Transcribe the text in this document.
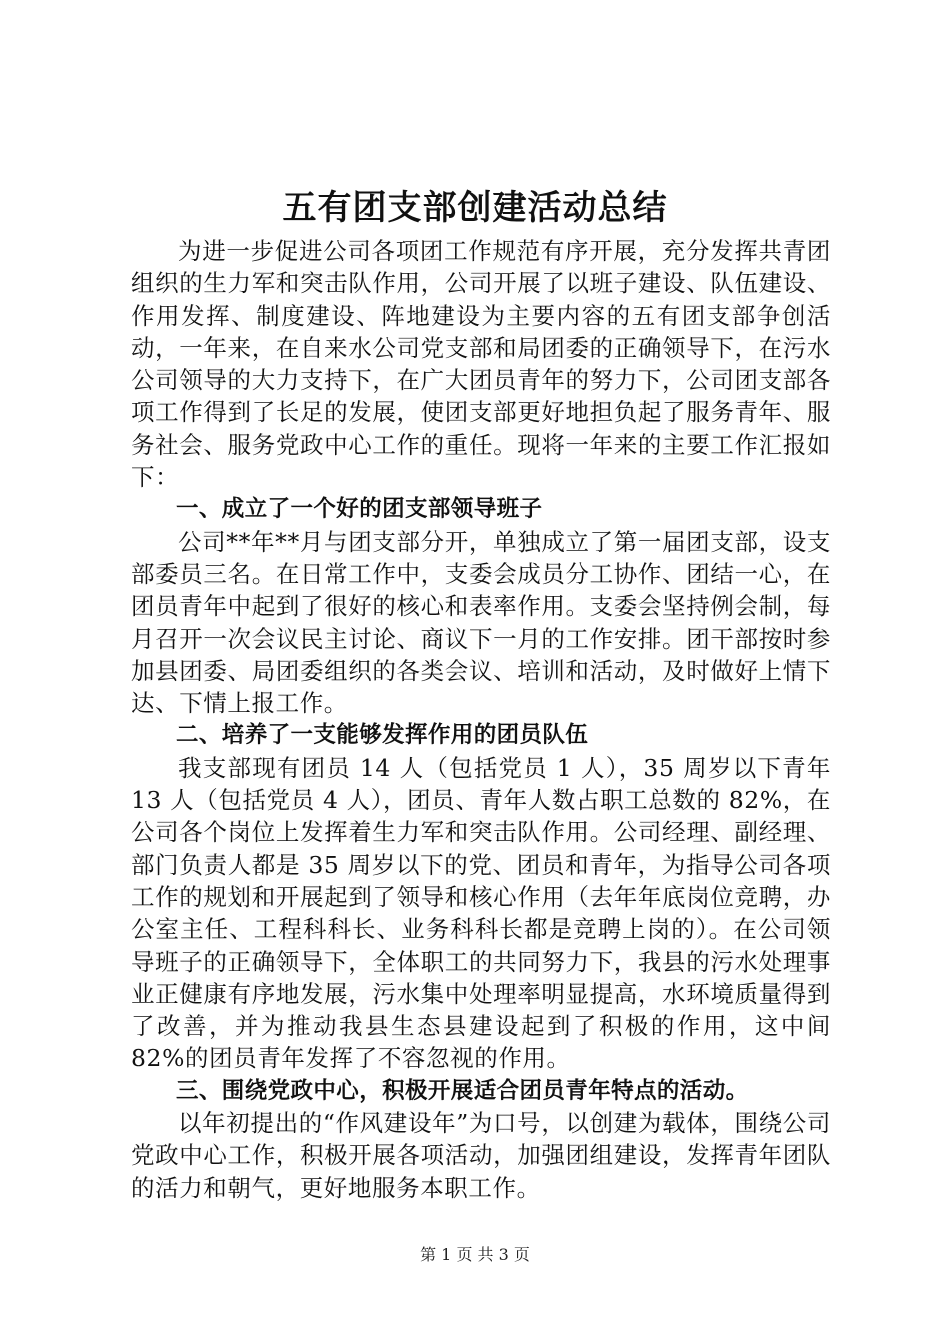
五有团支部创建活动总结

为进一步促进公司各项团工作规范有序开展，充分发挥共青团组织的生力军和突击队作用，公司开展了以班子建设、队伍建设、作用发挥、制度建设、阵地建设为主要内容的五有团支部争创活动，一年来，在自来水公司党支部和局团委的正确领导下，在污水公司领导的大力支持下，在广大团员青年的努力下，公司团支部各项工作得到了长足的发展，使团支部更好地担负起了服务青年、服务社会、服务党政中心工作的重任。现将一年来的主要工作汇报如下：

一、成立了一个好的团支部领导班子

公司**年**月与团支部分开，单独成立了第一届团支部，设支部委员三名。在日常工作中，支委会成员分工协作、团结一心，在团员青年中起到了很好的核心和表率作用。支委会坚持例会制，每月召开一次会议民主讨论、商议下一月的工作安排。团干部按时参加县团委、局团委组织的各类会议、培训和活动，及时做好上情下达、下情上报工作。

二、培养了一支能够发挥作用的团员队伍

我支部现有团员 14 人（包括党员 1 人），35 周岁以下青年 13 人（包括党员 4 人），团员、青年人数占职工总数的 82%，在公司各个岗位上发挥着生力军和突击队作用。公司经理、副经理、部门负责人都是 35 周岁以下的党、团员和青年，为指导公司各项工作的规划和开展起到了领导和核心作用（去年年底岗位竞聘，办公室主任、工程科科长、业务科科长都是竞聘上岗的）。在公司领导班子的正确领导下，全体职工的共同努力下，我县的污水处理事业正健康有序地发展，污水集中处理率明显提高，水环境质量得到了改善，并为推动我县生态县建设起到了积极的作用，这中间 82%的团员青年发挥了不容忽视的作用。

三、围绕党政中心，积极开展适合团员青年特点的活动。

以年初提出的“作风建设年”为口号，以创建为载体，围绕公司党政中心工作，积极开展各项活动，加强团组建设，发挥青年团队的活力和朝气，更好地服务本职工作。

第 1 页 共 3 页
